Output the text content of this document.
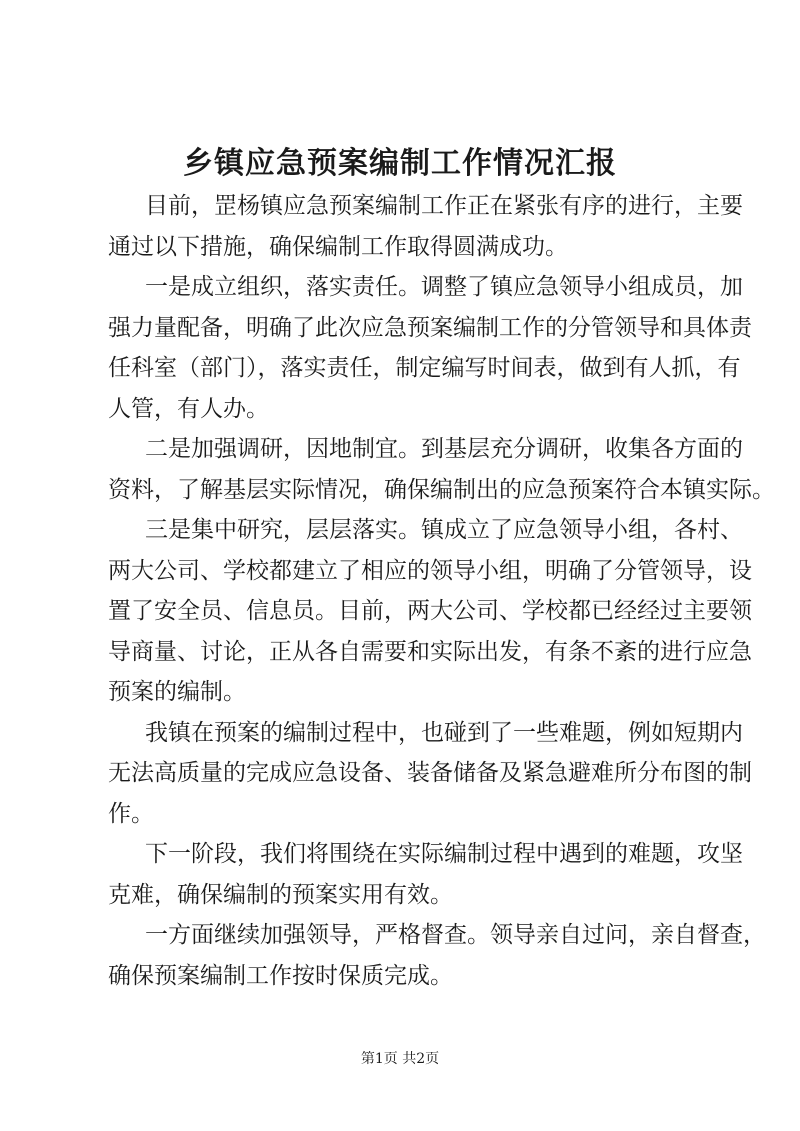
乡镇应急预案编制工作情况汇报
目前，罡杨镇应急预案编制工作正在紧张有序的进行，主要
通过以下措施，确保编制工作取得圆满成功。
一是成立组织，落实责任。调整了镇应急领导小组成员，加
强力量配备，明确了此次应急预案编制工作的分管领导和具体责
任科室（部门），落实责任，制定编写时间表，做到有人抓，有
人管，有人办。
二是加强调研，因地制宜。到基层充分调研，收集各方面的
资料，了解基层实际情况，确保编制出的应急预案符合本镇实际。
三是集中研究，层层落实。镇成立了应急领导小组，各村、
两大公司、学校都建立了相应的领导小组，明确了分管领导，设
置了安全员、信息员。目前，两大公司、学校都已经经过主要领
导商量、讨论，正从各自需要和实际出发，有条不紊的进行应急
预案的编制。
我镇在预案的编制过程中，也碰到了一些难题，例如短期内
无法高质量的完成应急设备、装备储备及紧急避难所分布图的制
作。
下一阶段，我们将围绕在实际编制过程中遇到的难题，攻坚
克难，确保编制的预案实用有效。
一方面继续加强领导，严格督查。领导亲自过问，亲自督查，
确保预案编制工作按时保质完成。
第1页 共2页
